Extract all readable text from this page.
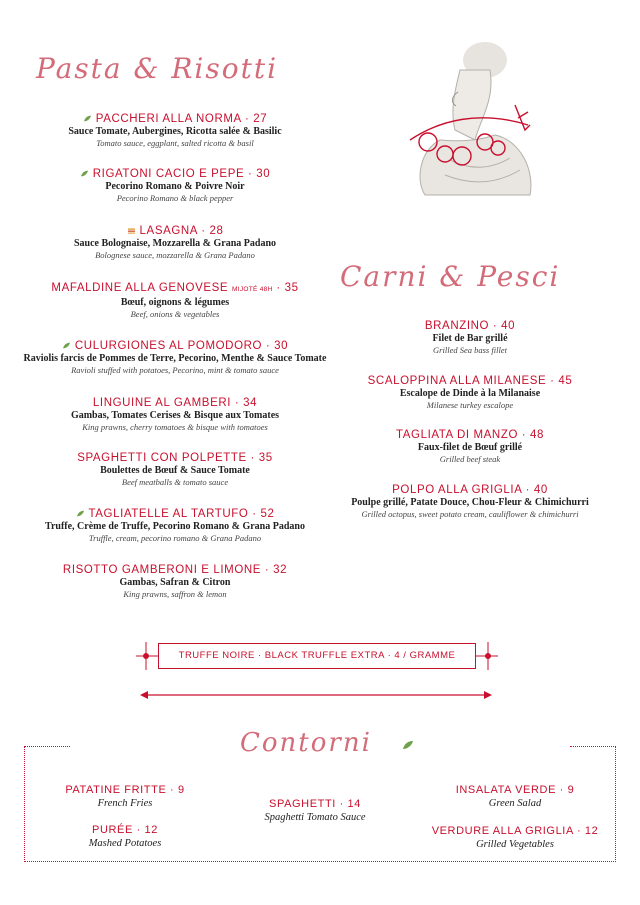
Pasta & Risotti
Carni & Pesci
Contorni
PACCHERI ALLA NORMA · 27
Sauce Tomate, Aubergines, Ricotta salée & Basilic
Tomato sauce, eggplant, salted ricotta & basil
RIGATONI CACIO E PEPE · 30
Pecorino Romano & Poivre Noir
Pecorino Romano & black pepper
LASAGNA · 28
Sauce Bolognaise, Mozzarella & Grana Padano
Bolognese sauce, mozzarella & Grana Padano
MAFALDINE ALLA GENOVESE MIJOTÉ 48H · 35
Bœuf, oignons & légumes
Beef, onions & vegetables
CULURGIONES AL POMODORO · 30
Raviolis farcis de Pommes de Terre, Pecorino, Menthe & Sauce Tomate
Ravioli stuffed with potatoes, Pecorino, mint & tomato sauce
LINGUINE AL GAMBERI · 34
Gambas, Tomates Cerises & Bisque aux Tomates
King prawns, cherry tomatoes & bisque with tomatoes
SPAGHETTI CON POLPETTE · 35
Boulettes de Bœuf & Sauce Tomate
Beef meatballs & tomato sauce
TAGLIATELLE AL TARTUFO · 52
Truffe, Crème de Truffe, Pecorino Romano & Grana Padano
Truffle, cream, pecorino romano & Grana Padano
RISOTTO GAMBERONI E LIMONE · 32
Gambas, Safran & Citron
King prawns, saffron & lemon
BRANZINO · 40
Filet de Bar grillé
Grilled Sea bass fillet
SCALOPPINA ALLA MILANESE · 45
Escalope de Dinde à la Milanaise
Milanese turkey escalope
TAGLIATA DI MANZO · 48
Faux-filet de Bœuf grillé
Grilled beef steak
POLPO ALLA GRIGLIA · 40
Poulpe grillé, Patate Douce, Chou-Fleur & Chimichurri
Grilled octopus, sweet potato cream, cauliflower & chimichurri
TRUFFE NOIRE · BLACK TRUFFLE EXTRA · 4 / GRAMME
PATATINE FRITTE · 9
French Fries
PURÉE · 12
Mashed Potatoes
SPAGHETTI · 14
Spaghetti Tomato Sauce
INSALATA VERDE · 9
Green Salad
VERDURE ALLA GRIGLIA · 12
Grilled Vegetables
